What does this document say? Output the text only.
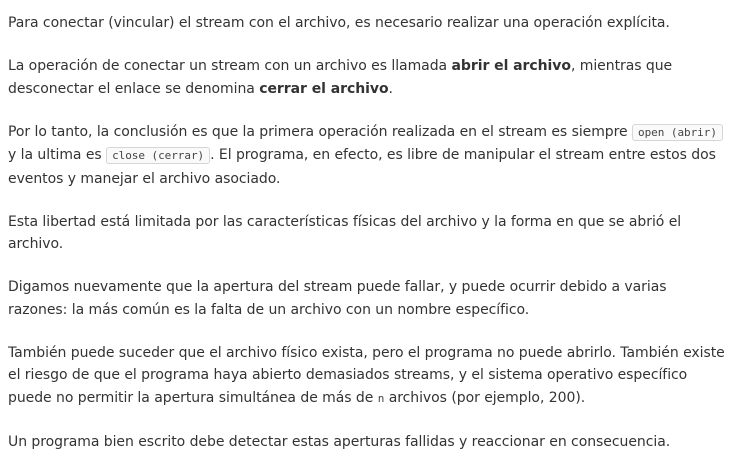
Para conectar (vincular) el stream con el archivo, es necesario realizar una operación explícita.

La operación de conectar un stream con un archivo es llamada abrir el archivo, mientras que desconectar el enlace se denomina cerrar el archivo.

Por lo tanto, la conclusión es que la primera operación realizada en el stream es siempre open (abrir) y la ultima es close (cerrar) . El programa, en efecto, es libre de manipular el stream entre estos dos eventos y manejar el archivo asociado.

Esta libertad está limitada por las características físicas del archivo y la forma en que se abrió el archivo.

Digamos nuevamente que la apertura del stream puede fallar, y puede ocurrir debido a varias razones: la más común es la falta de un archivo con un nombre específico.

También puede suceder que el archivo físico exista, pero el programa no puede abrirlo. También existe el riesgo de que el programa haya abierto demasiados streams, y el sistema operativo específico puede no permitir la apertura simultánea de más de n archivos (por ejemplo, 200).

Un programa bien escrito debe detectar estas aperturas fallidas y reaccionar en consecuencia.
